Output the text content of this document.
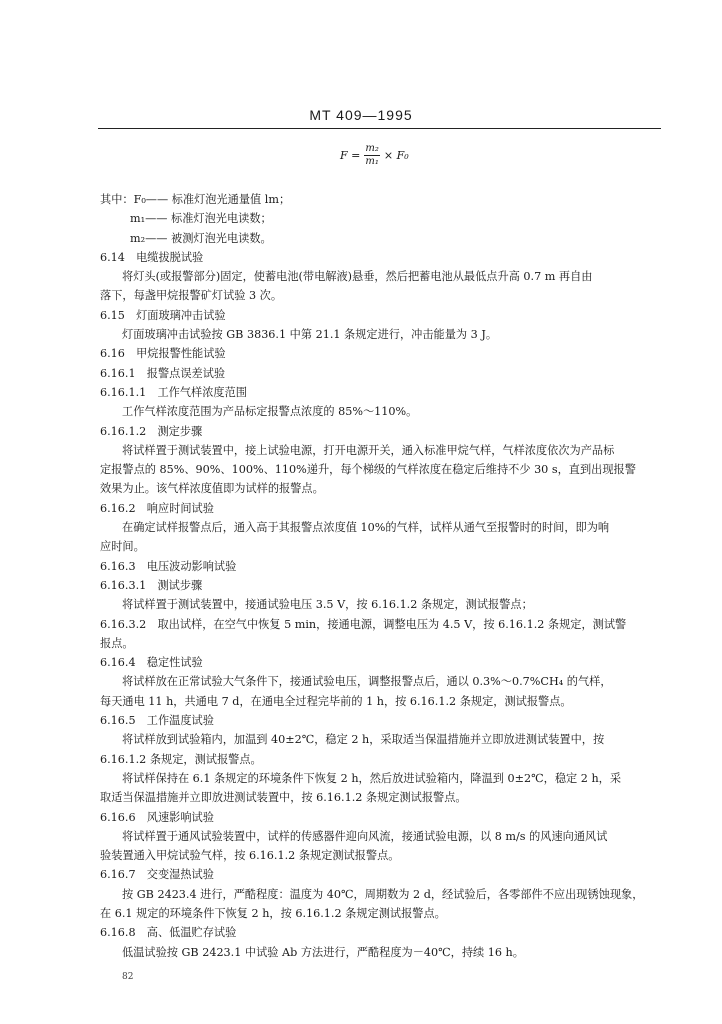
MT 409—1995
$F = \frac{\text{m₂}}{\text{m₁}} \times F_0$
其中：F₀—— 标准灯泡光通量值 lm；
m₁—— 标准灯泡光电读数；
m₂—— 被测灯泡光电读数。
6.14　电缆拔脱试验
将灯头(或报警部分)固定，使蓄电池(带电解液)悬垂，然后把蓄电池从最低点升高 0.7 m 再自由
落下，每盏甲烷报警矿灯试验 3 次。
6.15　灯面玻璃冲击试验
灯面玻璃冲击试验按 GB 3836.1 中第 21.1 条规定进行，冲击能量为 3 J。
6.16　甲烷报警性能试验
6.16.1　报警点误差试验
6.16.1.1　工作气样浓度范围
工作气样浓度范围为产品标定报警点浓度的 85%～110%。
6.16.1.2　测定步骤
将试样置于测试装置中，接上试验电源，打开电源开关，通入标准甲烷气样，气样浓度依次为产品标
定报警点的 85%、90%、100%、110%递升，每个梯级的气样浓度在稳定后维持不少 30 s，直到出现报警
效果为止。该气样浓度值即为试样的报警点。
6.16.2　响应时间试验
在确定试样报警点后，通入高于其报警点浓度值 10%的气样，试样从通气至报警时的时间，即为响
应时间。
6.16.3　电压波动影响试验
6.16.3.1　测试步骤
将试样置于测试装置中，接通试验电压 3.5 V，按 6.16.1.2 条规定，测试报警点；
6.16.3.2　取出试样，在空气中恢复 5 min，接通电源，调整电压为 4.5 V，按 6.16.1.2 条规定，测试警
报点。
6.16.4　稳定性试验
将试样放在正常试验大气条件下，接通试验电压，调整报警点后，通以 0.3%～0.7%CH₄ 的气样，
每天通电 11 h，共通电 7 d，在通电全过程完毕前的 1 h，按 6.16.1.2 条规定，测试报警点。
6.16.5　工作温度试验
将试样放到试验箱内，加温到 40±2℃，稳定 2 h，采取适当保温措施并立即放进测试装置中，按
6.16.1.2 条规定，测试报警点。
将试样保持在 6.1 条规定的环境条件下恢复 2 h，然后放进试验箱内，降温到 0±2℃，稳定 2 h，采
取适当保温措施并立即放进测试装置中，按 6.16.1.2 条规定测试报警点。
6.16.6　风速影响试验
将试样置于通风试验装置中，试样的传感器件迎向风流，接通试验电源，以 8 m/s 的风速向通风试
验装置通入甲烷试验气样，按 6.16.1.2 条规定测试报警点。
6.16.7　交变湿热试验
按 GB 2423.4 进行，严酷程度：温度为 40℃，周期数为 2 d，经试验后，各零部件不应出现锈蚀现象，
在 6.1 规定的环境条件下恢复 2 h，按 6.16.1.2 条规定测试报警点。
6.16.8　高、低温贮存试验
低温试验按 GB 2423.1 中试验 Ab 方法进行，严酷程度为－40℃，持续 16 h。
82
